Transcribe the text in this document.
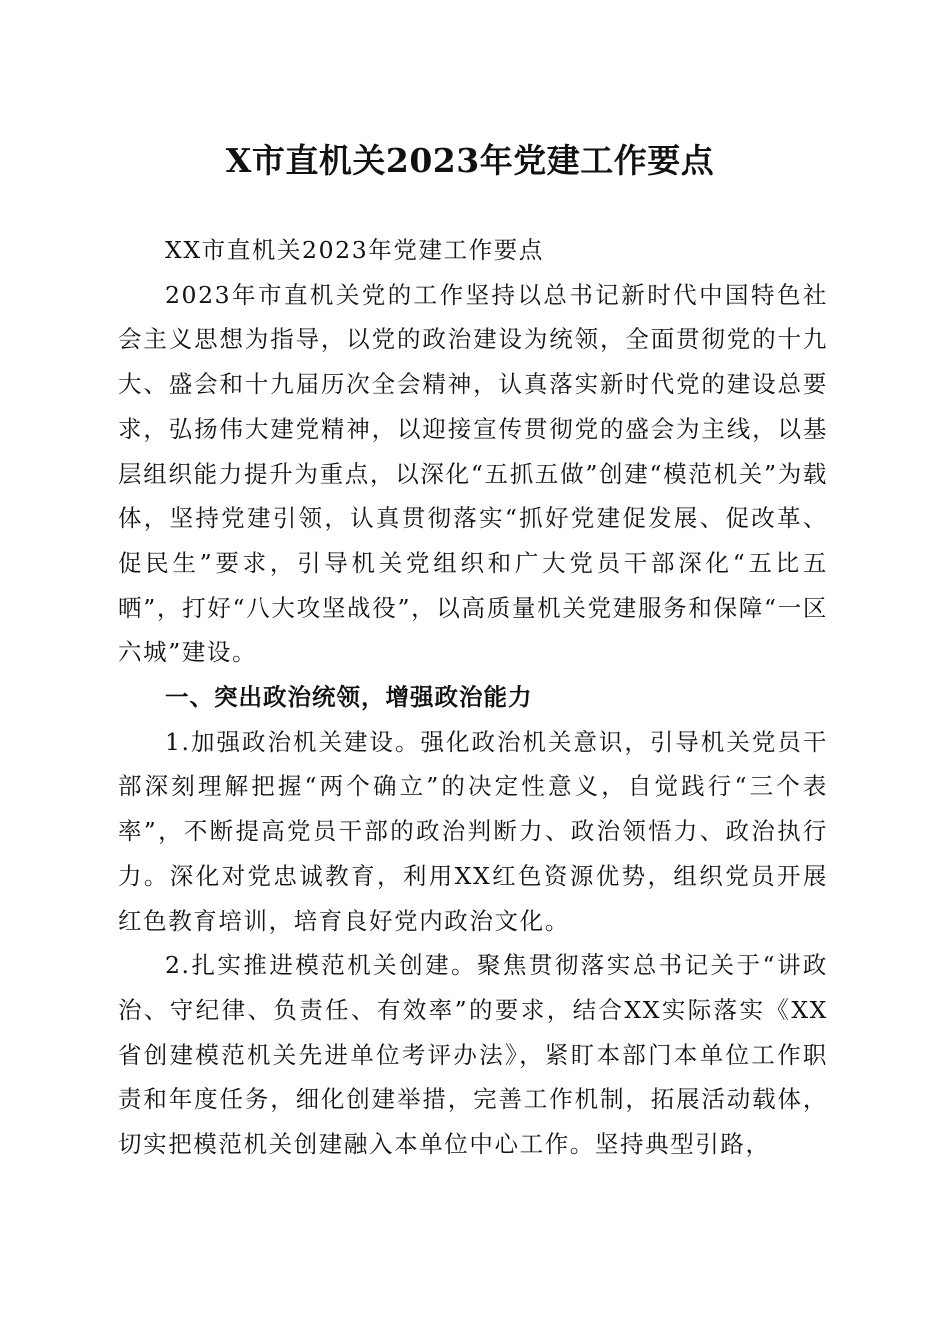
X市直机关2023年党建工作要点

XX市直机关2023年党建工作要点

2023年市直机关党的工作坚持以总书记新时代中国特色社会主义思想为指导，以党的政治建设为统领，全面贯彻党的十九大、盛会和十九届历次全会精神，认真落实新时代党的建设总要求，弘扬伟大建党精神，以迎接宣传贯彻党的盛会为主线，以基层组织能力提升为重点，以深化“五抓五做”创建“模范机关”为载体，坚持党建引领，认真贯彻落实“抓好党建促发展、促改革、促民生”要求，引导机关党组织和广大党员干部深化“五比五晒”，打好“八大攻坚战役”，以高质量机关党建服务和保障“一区六城”建设。

一、突出政治统领，增强政治能力

1.加强政治机关建设。强化政治机关意识，引导机关党员干部深刻理解把握“两个确立”的决定性意义，自觉践行“三个表率”，不断提高党员干部的政治判断力、政治领悟力、政治执行力。深化对党忠诚教育，利用XX红色资源优势，组织党员开展红色教育培训，培育良好党内政治文化。

2.扎实推进模范机关创建。聚焦贯彻落实总书记关于“讲政治、守纪律、负责任、有效率”的要求，结合XX实际落实《XX省创建模范机关先进单位考评办法》，紧盯本部门本单位工作职责和年度任务，细化创建举措，完善工作机制，拓展活动载体，切实把模范机关创建融入本单位中心工作。坚持典型引路，
